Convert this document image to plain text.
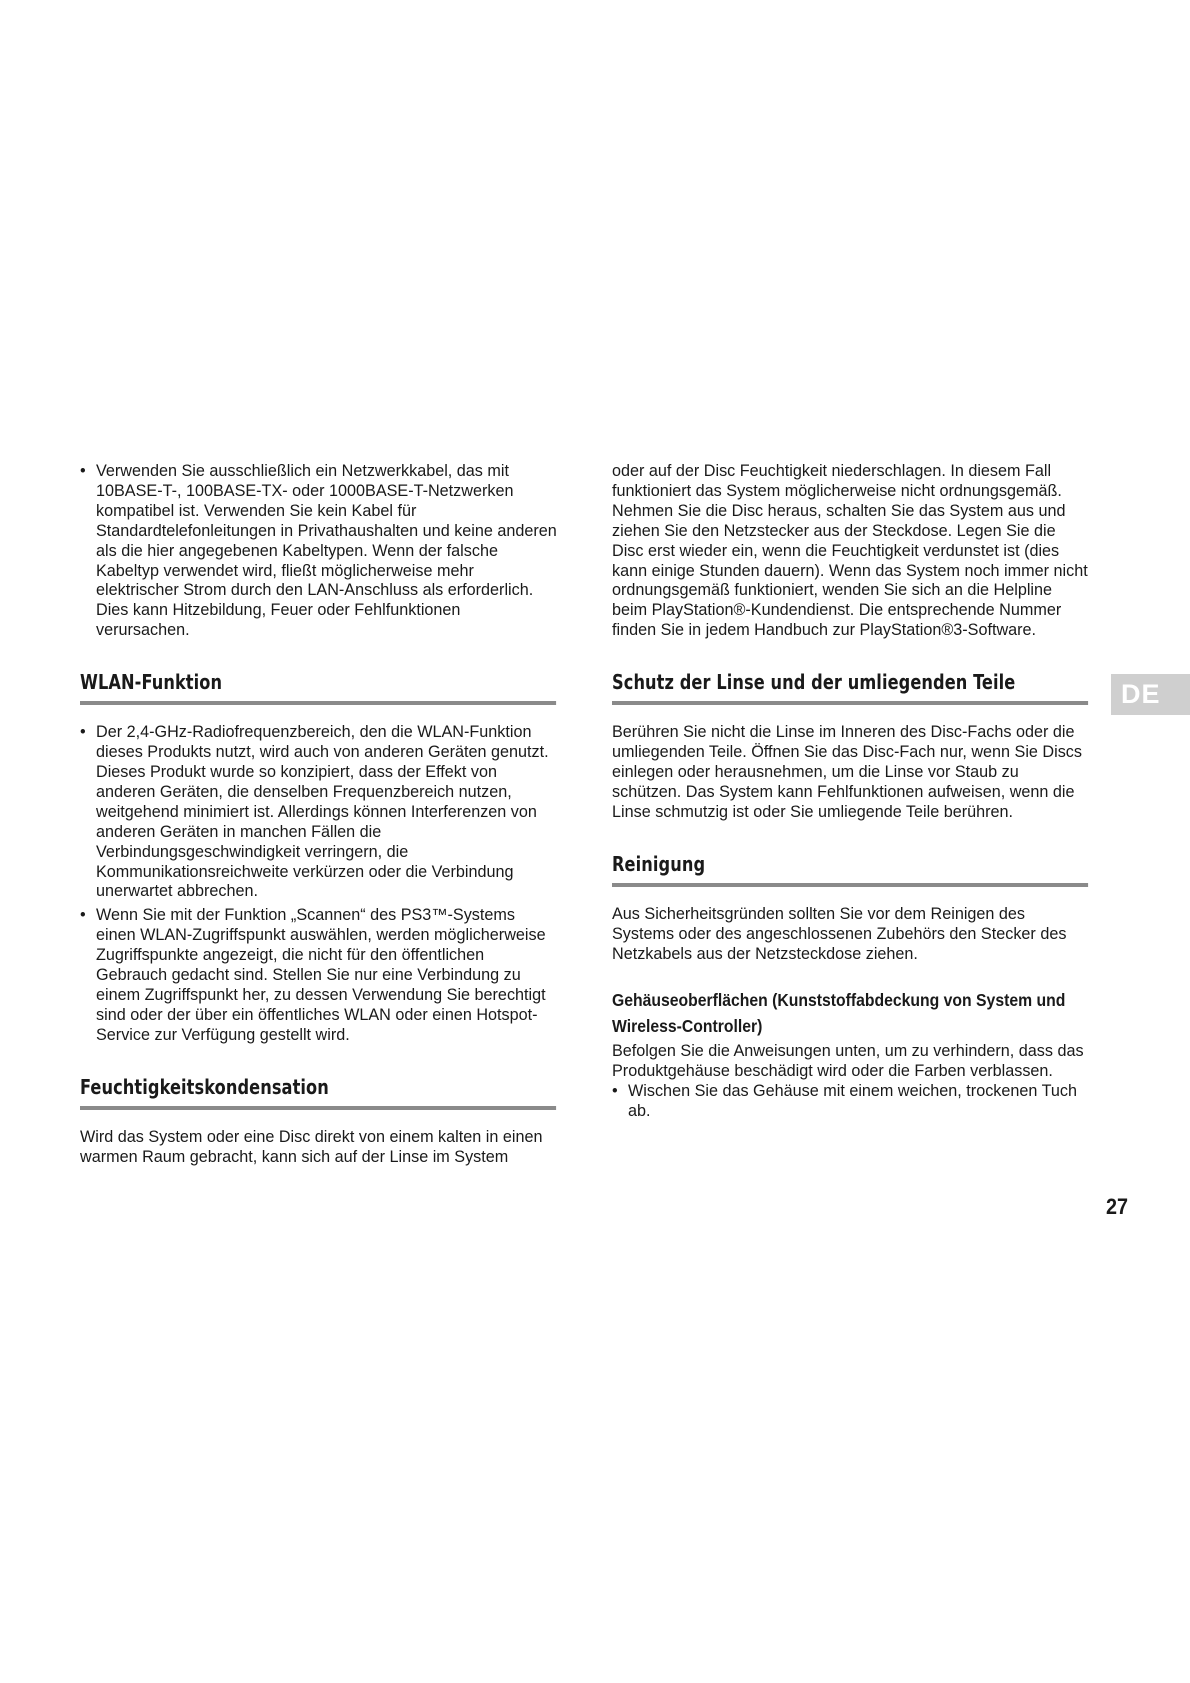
• Verwenden Sie ausschließlich ein Netzwerkkabel, das mit 10BASE-T-, 100BASE-TX- oder 1000BASE-T-Netzwerken kompatibel ist. Verwenden Sie kein Kabel für Standardtelefonleitungen in Privathaushalten und keine anderen als die hier angegebenen Kabeltypen. Wenn der falsche Kabeltyp verwendet wird, fließt möglicherweise mehr elektrischer Strom durch den LAN-Anschluss als erforderlich. Dies kann Hitzebildung, Feuer oder Fehlfunktionen verursachen.
WLAN-Funktion
• Der 2,4-GHz-Radiofrequenzbereich, den die WLAN-Funktion dieses Produkts nutzt, wird auch von anderen Geräten genutzt. Dieses Produkt wurde so konzipiert, dass der Effekt von anderen Geräten, die denselben Frequenzbereich nutzen, weitgehend minimiert ist. Allerdings können Interferenzen von anderen Geräten in manchen Fällen die Verbindungsgeschwindigkeit verringern, die Kommunikationsreichweite verkürzen oder die Verbindung unerwartet abbrechen.
• Wenn Sie mit der Funktion „Scannen“ des PS3™-Systems einen WLAN-Zugriffspunkt auswählen, werden möglicherweise Zugriffspunkte angezeigt, die nicht für den öffentlichen Gebrauch gedacht sind. Stellen Sie nur eine Verbindung zu einem Zugriffspunkt her, zu dessen Verwendung Sie berechtigt sind oder der über ein öffentliches WLAN oder einen Hotspot-Service zur Verfügung gestellt wird.
Feuchtigkeitskondensation

Wird das System oder eine Disc direkt von einem kalten in einen warmen Raum gebracht, kann sich auf der Linse im System

oder auf der Disc Feuchtigkeit niederschlagen. In diesem Fall funktioniert das System möglicherweise nicht ordnungsgemäß. Nehmen Sie die Disc heraus, schalten Sie das System aus und ziehen Sie den Netzstecker aus der Steckdose. Legen Sie die Disc erst wieder ein, wenn die Feuchtigkeit verdunstet ist (dies kann einige Stunden dauern). Wenn das System noch immer nicht ordnungsgemäß funktioniert, wenden Sie sich an die Helpline beim PlayStation®-Kundendienst. Die entsprechende Nummer finden Sie in jedem Handbuch zur PlayStation®3-Software.

Schutz der Linse und der umliegenden Teile

Berühren Sie nicht die Linse im Inneren des Disc-Fachs oder die umliegenden Teile. Öffnen Sie das Disc-Fach nur, wenn Sie Discs einlegen oder herausnehmen, um die Linse vor Staub zu schützen. Das System kann Fehlfunktionen aufweisen, wenn die Linse schmutzig ist oder Sie umliegende Teile berühren.

Reinigung

Aus Sicherheitsgründen sollten Sie vor dem Reinigen des Systems oder des angeschlossenen Zubehörs den Stecker des Netzkabels aus der Netzsteckdose ziehen.

Gehäuseoberflächen (Kunststoffabdeckung von System und Wireless-Controller)

Befolgen Sie die Anweisungen unten, um zu verhindern, dass das Produktgehäuse beschädigt wird oder die Farben verblassen.

• Wischen Sie das Gehäuse mit einem weichen, trockenen Tuch ab.
DE
27
